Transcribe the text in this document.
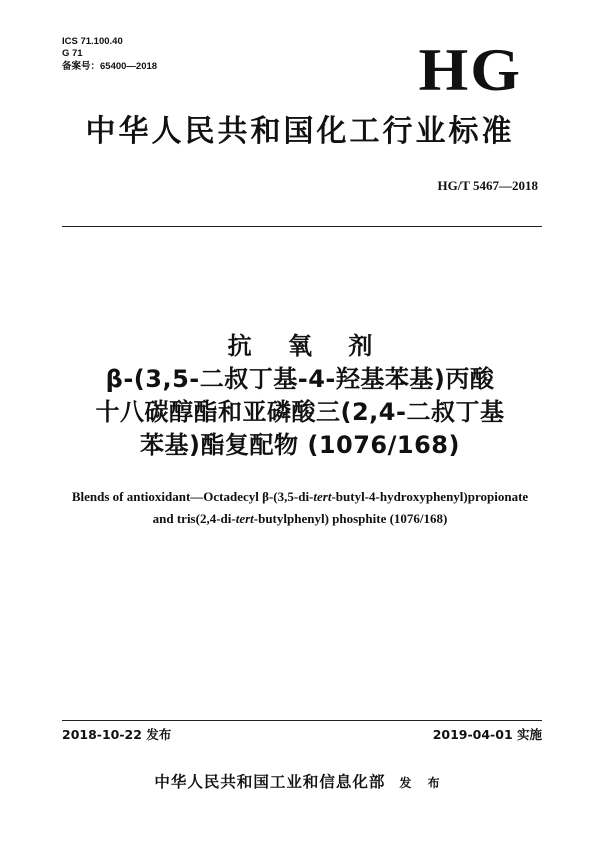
ICS 71.100.40
G 71
备案号：65400—2018	HG
中华人民共和国化工行业标准
HG/T 5467—2018
抗 氧 剂
β-(3,5-二叔丁基-4-羟基苯基)丙酸
十八碳醇酯和亚磷酸三(2,4-二叔丁基
苯基)酯复配物 (1076/168)
Blends of antioxidant—Octadecyl β-(3,5-di-tert-butyl-4-hydroxyphenyl)propionate
and tris(2,4-di-tert-butylphenyl) phosphite (1076/168)
2018-10-22 发布	2019-04-01 实施
中华人民共和国工业和信息化部 发 布
